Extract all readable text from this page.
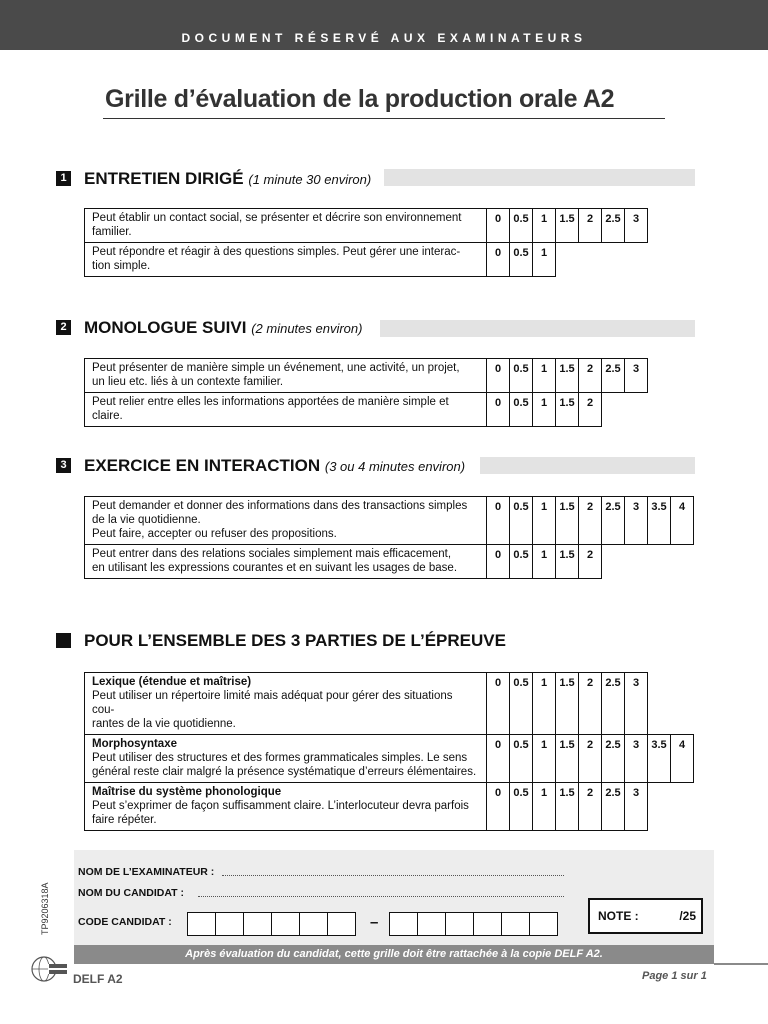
DOCUMENT RÉSERVÉ AUX EXAMINATEURS
Grille d’évaluation de la production orale A2
1 ENTRETIEN DIRIGÉ (1 minute 30 environ)
Peut établir un contact social, se présenter et décrire son environnement
familier.	0	0.5	1	1.5	2	2.5	3

Peut répondre et réagir à des questions simples. Peut gérer une interac-
tion simple.	0	0.5	1				
2 MONOLOGUE SUIVI (2 minutes environ)
Peut présenter de manière simple un événement, une activité, un projet,
un lieu etc. liés à un contexte familier.	0	0.5	1	1.5	2	2.5	3

Peut relier entre elles les informations apportées de manière simple et claire.	0	0.5	1	1.5	2		
3 EXERCICE EN INTERACTION (3 ou 4 minutes environ)
Peut demander et donner des informations dans des transactions simples
de la vie quotidienne.
Peut faire, accepter ou refuser des propositions.	0	0.5	1	1.5	2	2.5	3	3.5	4

Peut entrer dans des relations sociales simplement mais efficacement,
en utilisant les expressions courantes et en suivant les usages de base.	0	0.5	1	1.5	2				
POUR L’ENSEMBLE DES 3 PARTIES DE L’ÉPREUVE
Lexique (étendue et maîtrise)
Peut utiliser un répertoire limité mais adéquat pour gérer des situations cou-
rantes de la vie quotidienne.	0	0.5	1	1.5	2	2.5	3		

Morphosyntaxe
Peut utiliser des structures et des formes grammaticales simples. Le sens
général reste clair malgré la présence systématique d’erreurs élémentaires.	0	0.5	1	1.5	2	2.5	3	3.5	4

Maîtrise du système phonologique
Peut s’exprimer de façon suffisamment claire. L’interlocuteur devra parfois
faire répéter.	0	0.5	1	1.5	2	2.5	3		
NOM DE L’EXAMINATEUR :
NOM DU CANDIDAT :
CODE CANDIDAT :	–	NOTE :	/25
Après évaluation du candidat, cette grille doit être rattachée à la copie DELF A2.
TP9206318A
DELF A2	Page 1 sur 1
